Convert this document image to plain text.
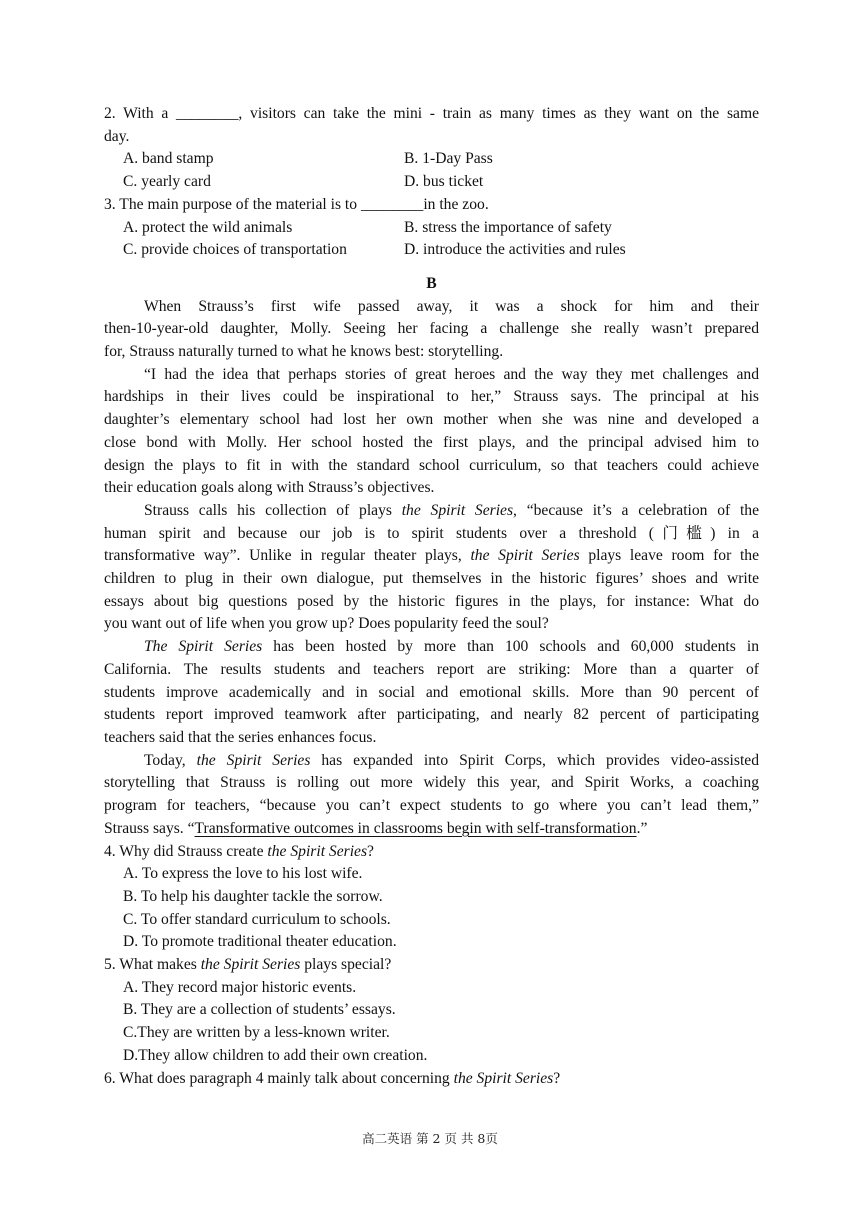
2. With a ________, visitors can take the mini - train as many times as they want on the same
day.
A. band stamp	B. 1-Day Pass
C. yearly card	D. bus ticket
3. The main purpose of the material is to ________in the zoo.
A. protect the wild animals	B. stress the importance of safety
C. provide choices of transportation	D. introduce the activities and rules
B
When Strauss’s first wife passed away, it was a shock for him and their
then-10-year-old daughter, Molly. Seeing her facing a challenge she really wasn’t prepared
for, Strauss naturally turned to what he knows best: storytelling.
“I had the idea that perhaps stories of great heroes and the way they met challenges and
hardships in their lives could be inspirational to her,” Strauss says. The principal at his
daughter’s elementary school had lost her own mother when she was nine and developed a
close bond with Molly. Her school hosted the first plays, and the principal advised him to
design the plays to fit in with the standard school curriculum, so that teachers could achieve
their education goals along with Strauss’s objectives.
Strauss calls his collection of plays the Spirit Series, “because it’s a celebration of the
human spirit and because our job is to spirit students over a threshold (门槛) in a
transformative way”. Unlike in regular theater plays, the Spirit Series plays leave room for the
children to plug in their own dialogue, put themselves in the historic figures’ shoes and write
essays about big questions posed by the historic figures in the plays, for instance: What do
you want out of life when you grow up? Does popularity feed the soul?
The Spirit Series has been hosted by more than 100 schools and 60,000 students in
California. The results students and teachers report are striking: More than a quarter of
students improve academically and in social and emotional skills. More than 90 percent of
students report improved teamwork after participating, and nearly 82 percent of participating
teachers said that the series enhances focus.
Today, the Spirit Series has expanded into Spirit Corps, which provides video-assisted
storytelling that Strauss is rolling out more widely this year, and Spirit Works, a coaching
program for teachers, “because you can’t expect students to go where you can’t lead them,”
Strauss says. “Transformative outcomes in classrooms begin with self-transformation.”
4. Why did Strauss create the Spirit Series?
A. To express the love to his lost wife.
B. To help his daughter tackle the sorrow.
C. To offer standard curriculum to schools.
D. To promote traditional theater education.
5. What makes the Spirit Series plays special?
A. They record major historic events.
B. They are a collection of students’ essays.
C.They are written by a less-known writer.
D.They allow children to add their own creation.
6. What does paragraph 4 mainly talk about concerning the Spirit Series?
高二英语 第 2 页 共 8页
